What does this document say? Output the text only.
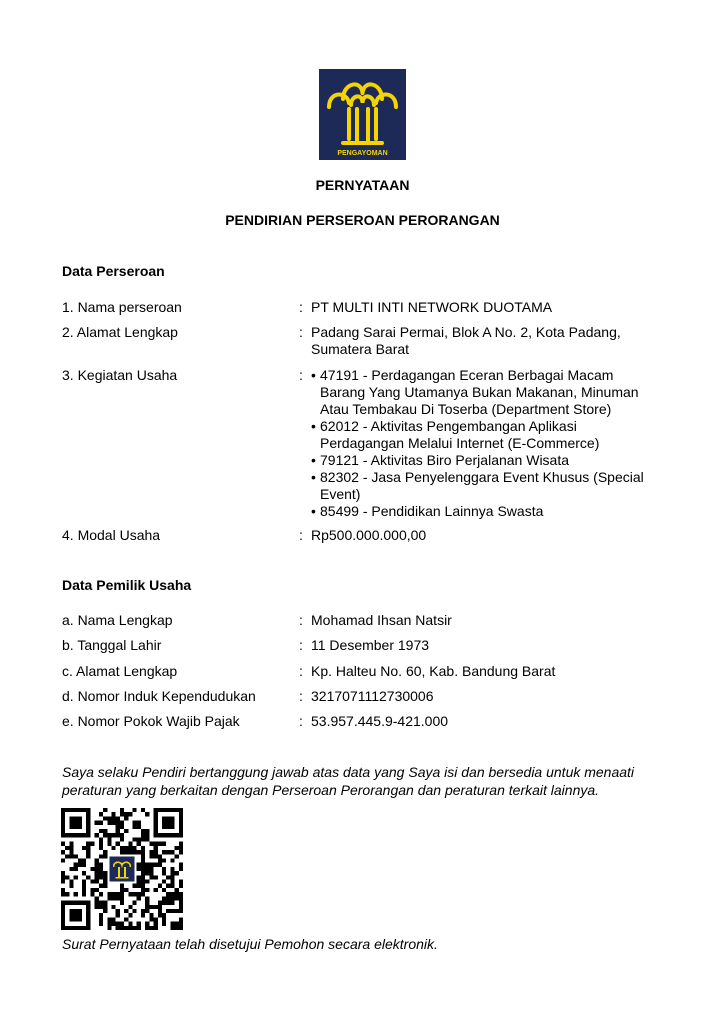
PENGAYOMAN
PERNYATAAN
PENDIRIAN PERSEROAN PERORANGAN
Data Perseroan
1. Nama perseroan	: PT MULTI INTI NETWORK DUOTAMA
2. Alamat Lengkap	: Padang Sarai Permai, Blok A No. 2, Kota Padang, Sumatera Barat
3. Kegiatan Usaha	: • 47191 - Perdagangan Eceran Berbagai Macam Barang Yang Utamanya Bukan Makanan, Minuman Atau Tembakau Di Toserba (Department Store)
• 62012 - Aktivitas Pengembangan Aplikasi Perdagangan Melalui Internet (E-Commerce)
• 79121 - Aktivitas Biro Perjalanan Wisata
• 82302 - Jasa Penyelenggara Event Khusus (Special Event)
• 85499 - Pendidikan Lainnya Swasta
4. Modal Usaha	: Rp500.000.000,00
Data Pemilik Usaha
a. Nama Lengkap	: Mohamad Ihsan Natsir
b. Tanggal Lahir	: 11 Desember 1973
c. Alamat Lengkap	: Kp. Halteu No. 60, Kab. Bandung Barat
d. Nomor Induk Kependudukan	: 3217071112730006
e. Nomor Pokok Wajib Pajak	: 53.957.445.9-421.000
Saya selaku Pendiri bertanggung jawab atas data yang Saya isi dan bersedia untuk menaati peraturan yang berkaitan dengan Perseroan Perorangan dan peraturan terkait lainnya.
Surat Pernyataan telah disetujui Pemohon secara elektronik.
